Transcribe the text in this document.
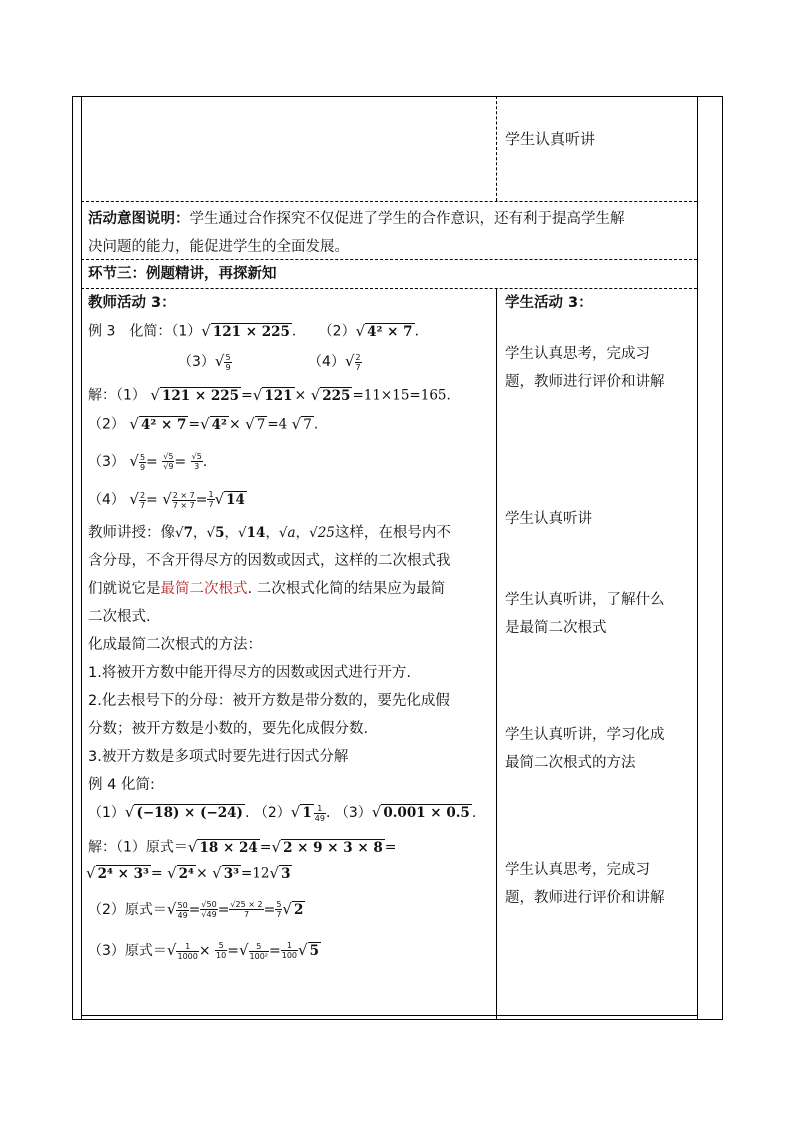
学生认真听讲
活动意图说明：学生通过合作探究不仅促进了学生的合作意识，还有利于提高学生解
决问题的能力，能促进学生的全面发展。
环节三：例题精讲，再探新知
教师活动 3：
例 3　化简：（1）√ 121 × 225 . （2）√ 4² × 7 .
$(3)√ \frac{5}{9}$	$(4)√ \frac{2}{7}$
解：（1） √ 121 × 225 =√ 121 × √ 225 =11×15=165.
（2） √ 4² × 7 =√ 4² × √ 7 =4 √ 7 .
（3） √ $\frac{5}{9} = \frac{√5}{√9} = \frac{√5}{3}$ .
（4） √ $\frac{2}{7}$ = √ $\frac{2 \times 7}{7 \times 7} = \frac{1}{7}$ √ 14
教师讲授：像√7，√5，√14，√a，√25这样，在根号内不
含分母，不含开得尽方的因数或因式，这样的二次根式我
们就说它是最简二次根式. 二次根式化简的结果应为最简
二次根式.
化成最简二次根式的方法：
1.将被开方数中能开得尽方的因数或因式进行开方.
2.化去根号下的分母：被开方数是带分数的，要先化成假
分数；被开方数是小数的，要先化成假分数.
3.被开方数是多项式时要先进行因式分解
例 4 化简:
（1）√ (−18) × (−24) . （2）√ $1 \frac{1}{49}$ . （3）√ 0.001 × 0.5 .
解：（1）原式＝√ 18 × 24 =√ 2 × 9 × 3 × 8 =
√ 2⁴ × 3³ = √ 2⁴ × √ 3³ =12√ 3
（2）原式＝√ $\frac{50}{49} = \frac{√50}{√49} = \frac{√25 \times 2}{7} = \frac{5}{7}$ √ 2
（3）原式＝√ $\frac{1}{1000} \times \frac{5}{10}$ =√ $\frac{5}{\text{100²}} = \frac{1}{100}$ √ 5
学生活动 3：
学生认真思考，完成习
题，教师进行评价和讲解
学生认真听讲
学生认真听讲，了解什么
是最简二次根式
学生认真听讲，学习化成
最简二次根式的方法
学生认真思考，完成习
题，教师进行评价和讲解
